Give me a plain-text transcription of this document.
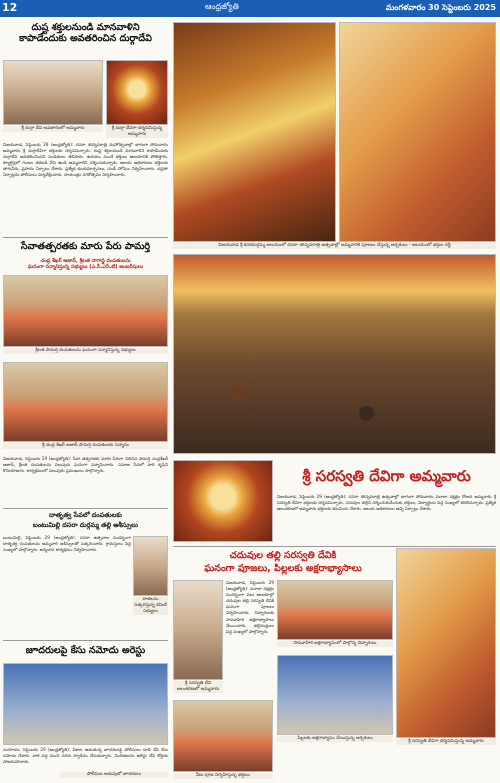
12	ఆంధ్రజ్యోతి	మంగళవారం 30 సెప్టెంబరు 2025
దుష్ట శక్తులనుండి మానవాళిని
కాపాడేందుకు అవతరించిన దుర్గాదేవి
శ్రీ దుర్గా దేవి అవతారంలో అమ్మవారు	శ్రీ దుర్గా దేవిగా దర్శనమిస్తున్న అమ్మవారు
విజయవాడ, సెప్టెంబరు 29 (ఆంధ్రజ్యోతి): దసరా శరన్నవరాత్రి మహోత్సవాల్లో భాగంగా సోమవారం అమ్మవారు శ్రీ దుర్గాదేవిగా భక్తులకు దర్శనమిచ్చారు. దుష్ట శక్తులనుండి మానవాళిని కాపాడేందుకు దుర్గాదేవి అవతరించిందని పండితులు తెలిపారు. ఉదయం నుంచే భక్తులు ఆలయానికి పోటెత్తారు. క్యూలైన్లలో గంటల తరబడి వేచి ఉండి అమ్మవారిని దర్శించుకున్నారు. ఆలయ అధికారులు భక్తులకు తాగునీరు, ప్రసాదం ఏర్పాటు చేశారు. ప్రత్యేక కుంకుమార్చనలు, చండీ హోమం నిర్వహించారు. భద్రతా ఏర్పాట్లను పోలీసులు పర్యవేక్షించారు. సాయంత్రం నగరోత్సవం నిర్వహించారు.
సేవాతత్పరతకు మారు పేరు పామర్తి
చంద్ర శేఖర్ ఆజాద్, శ్రీలత నాగాన్జ దంపతులను
ఘనంగా సన్మానిస్తున్న సభ్యులు (ఎ.సీ.ఎస్.టి) ఆంబరీషులు
శ్రీలత పామర్తి దంపతులను ఘనంగా సన్మానిస్తున్న సభ్యులు
శ్రీ చంద్ర శేఖర్ ఆజాద్ పామర్తి దంపతులకు సన్మానం
విజయవాడ, సెప్టెంబరు 29 (ఆంధ్రజ్యోతి): సేవా తత్పరతకు మారు పేరుగా నిలిచిన పామర్తి చంద్రశేఖర్ ఆజాద్, శ్రీలత దంపతులను పలువురు ఘనంగా సన్మానించారు. సమాజ సేవలో వారి కృషిని కొనియాడారు. కార్యక్రమంలో పలువురు ప్రముఖులు పాల్గొన్నారు.
దాతృత్వ సేవలో దంపతులకు
బంటుమిల్లి దసరా దుర్గమ్మ తల్లి ఆశీస్సులు
బంటుమిల్లి, సెప్టెంబరు 29 (ఆంధ్రజ్యోతి): దసరా ఉత్సవాల సందర్భంగా దాతృత్వ దంపతులను అమ్మవారి ఆశీస్సులతో సత్కరించారు. గ్రామస్తులు పెద్ద సంఖ్యలో పాల్గొన్నారు. అన్నదాన కార్యక్రమం నిర్వహించారు.
దాతలను సత్కరిస్తున్న కమిటీ సభ్యులు
జూదరులపై కేసు నమోదు అరెస్టు
నందిగామ, సెప్టెంబరు 29 (ఆంధ్రజ్యోతి): పేకాట ఆడుతున్న జూదరులపై పోలీసులు దాడి చేసి కేసు నమోదు చేశారు. వారి వద్ద నుంచి నగదు స్వాధీనం చేసుకున్నారు. నిందితులను అరెస్టు చేసి కోర్టుకు హాజరుపరిచారు.
పోలీసుల అదుపులో జూదరులు
విజయవాడ శ్రీ కనకదుర్గమ్మ ఆలయంలో దసరా శరన్నవరాత్రి ఉత్సవాల్లో అమ్మవారికి పూజలు చేస్తున్న అర్చకులు - ఆలయంలో భక్తుల రద్దీ
శ్రీ సరస్వతి దేవిగా అమ్మవారు
విజయవాడ, సెప్టెంబరు 29 (ఆంధ్రజ్యోతి): దసరా శరన్నవరాత్రి ఉత్సవాల్లో భాగంగా సోమవారం మూలా నక్షత్రం రోజున అమ్మవారు శ్రీ సరస్వతి దేవిగా భక్తులకు దర్శనమిచ్చారు. చదువుల తల్లిని దర్శించుకునేందుకు భక్తులు, విద్యార్థులు పెద్ద సంఖ్యలో తరలివచ్చారు. ప్రత్యేక అలంకరణలో అమ్మవారు భక్తులకు కనువిందు చేశారు. ఆలయ అధికారులు అన్ని ఏర్పాట్లు చేశారు.
చదువుల తల్లి సరస్వతి దేవికి
ఘనంగా పూజలు, పిల్లలకు అక్షరాభ్యాసాలు
శ్రీ సరస్వతి దేవిగా దర్శనమిస్తున్న అమ్మవారు
శ్రీ సరస్వతి దేవి అలంకరణలో అమ్మవారు
విజయవాడ, సెప్టెంబరు 29 (ఆంధ్రజ్యోతి): మూలా నక్షత్రం సందర్భంగా పలు ఆలయాల్లో చదువుల తల్లి సరస్వతి దేవికి ఘనంగా పూజలు నిర్వహించారు. చిన్నారులకు సామూహిక అక్షరాభ్యాసాలు చేయించారు. తల్లిదండ్రులు పెద్ద సంఖ్యలో పాల్గొన్నారు.
సామూహిక అక్షరాభ్యాసంలో పాల్గొన్న చిన్నారులు
వీణ పూజ నిర్వహిస్తున్న భక్తులు
పిల్లలకు అక్షరాభ్యాసం చేయిస్తున్న అర్చకులు
